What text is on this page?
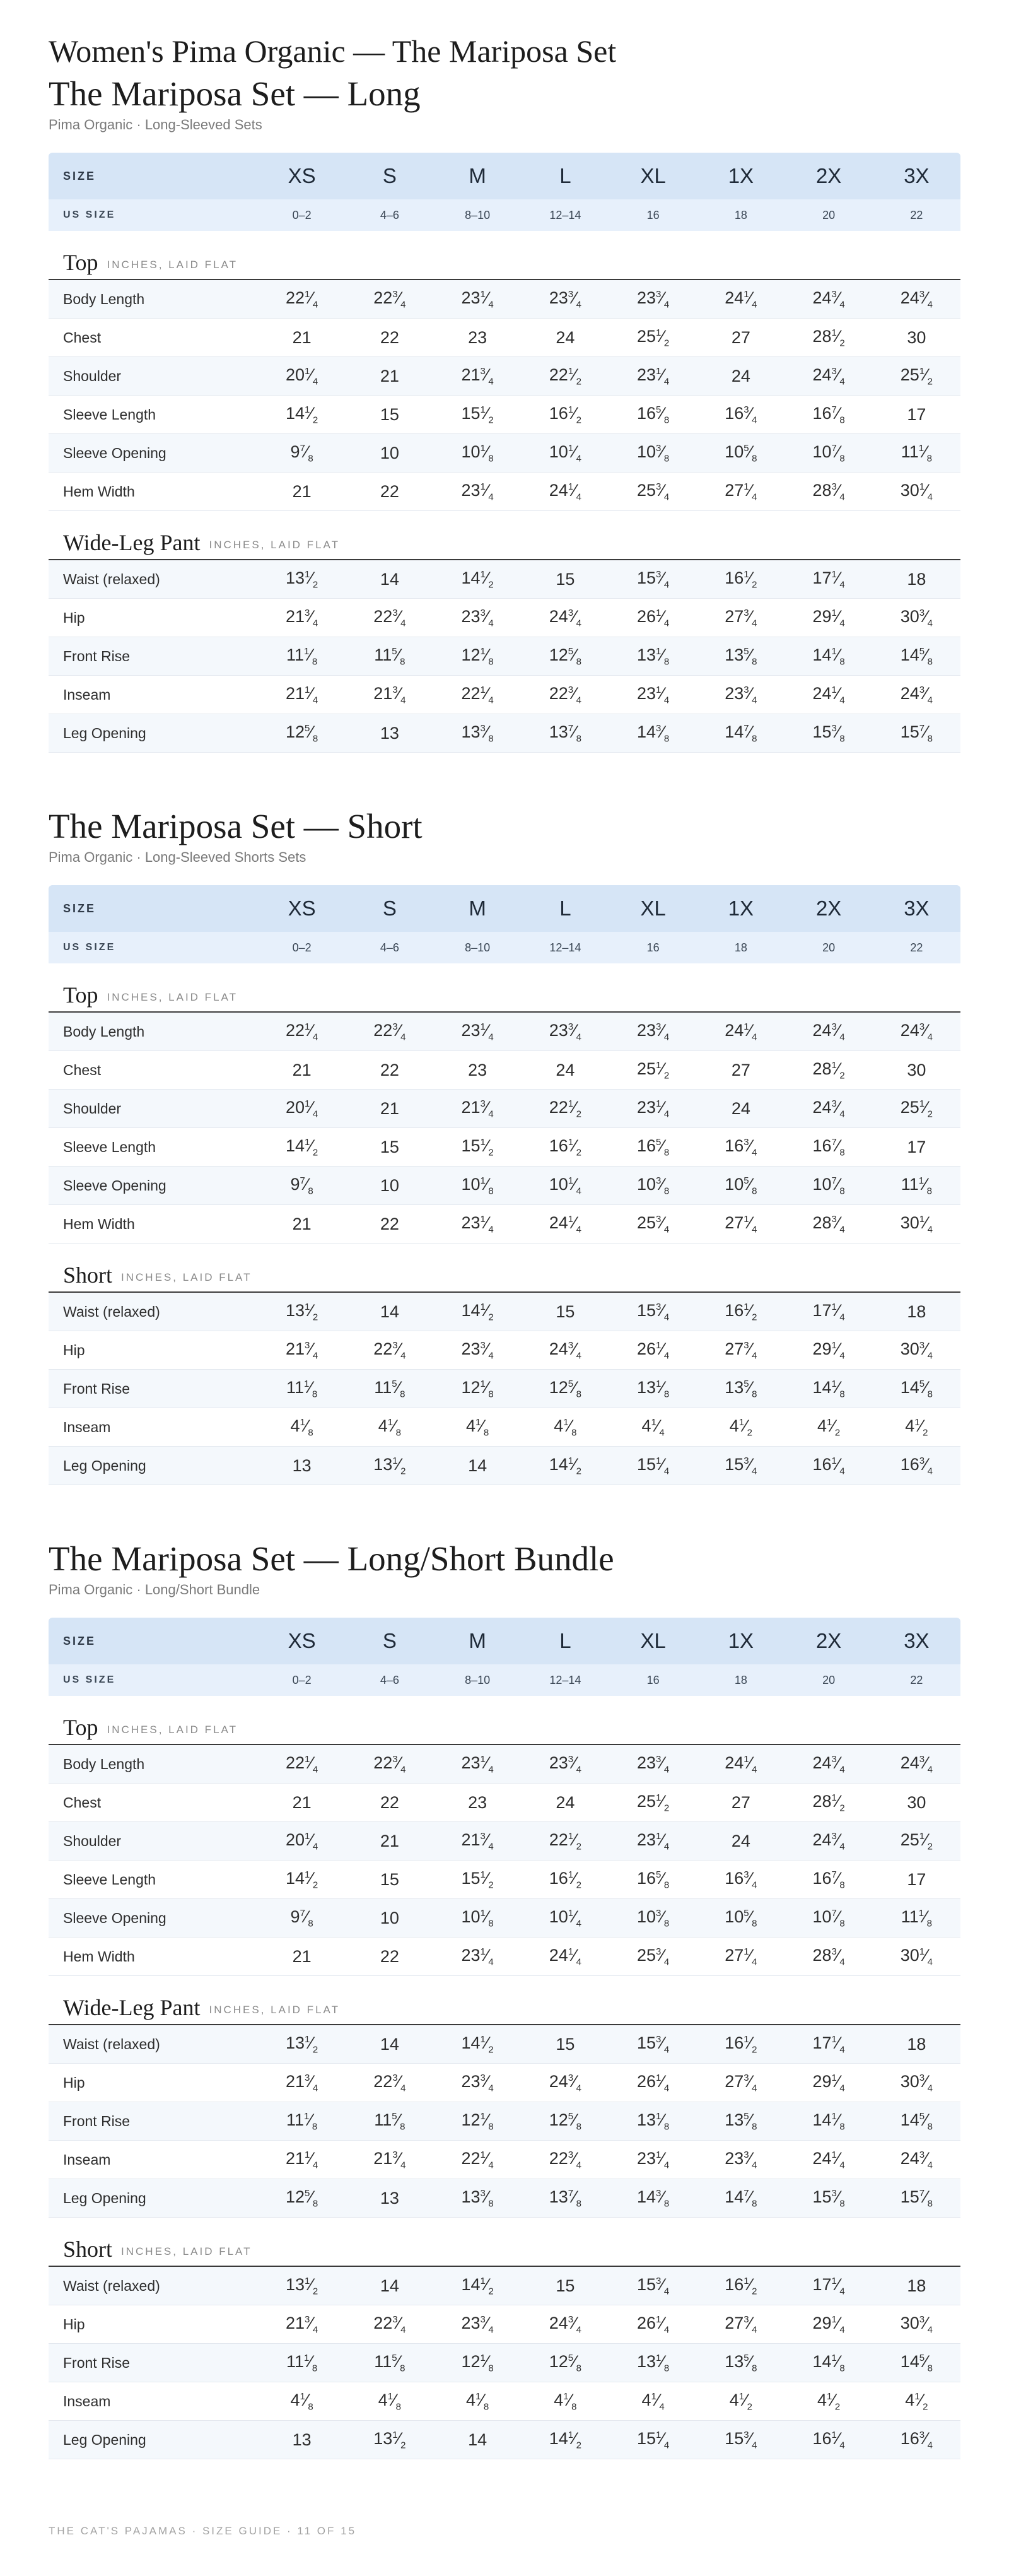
Women's Pima Organic — The Mariposa Set
The Mariposa Set — Long
Pima Organic · Long-Sleeved Sets
SIZE	XS	S	M	L	XL	1X	2X	3X
US SIZE	0–2	4–6	8–10	12–14	16	18	20	22
Top INCHES, LAID FLAT
Body Length	$22^1⁄_4$	$22^3⁄_4$	$23^1⁄_4$	$23^3⁄_4$	$23^3⁄_4$	$24^1⁄_4$	$24^3⁄_4$	$24^3⁄_4$
Chest	21	22	23	24	$25^1⁄_2$	27	$28^1⁄_2$	30
Shoulder	$20^1⁄_4$	21	$21^3⁄_4$	$22^1⁄_2$	$23^1⁄_4$	24	$24^3⁄_4$	$25^1⁄_2$
Sleeve Length	$14^1⁄_2$	15	$15^1⁄_2$	$16^1⁄_2$	$16^5⁄_8$	$16^3⁄_4$	$16^7⁄_8$	17
Sleeve Opening	$9^7⁄_8$	10	$10^1⁄_8$	$10^1⁄_4$	$10^3⁄_8$	$10^5⁄_8$	$10^7⁄_8$	$11^1⁄_8$
Hem Width	21	22	$23^1⁄_4$	$24^1⁄_4$	$25^3⁄_4$	$27^1⁄_4$	$28^3⁄_4$	$30^1⁄_4$
Wide-Leg Pant INCHES, LAID FLAT
Waist (relaxed)	$13^1⁄_2$	14	$14^1⁄_2$	15	$15^3⁄_4$	$16^1⁄_2$	$17^1⁄_4$	18
Hip	$21^3⁄_4$	$22^3⁄_4$	$23^3⁄_4$	$24^3⁄_4$	$26^1⁄_4$	$27^3⁄_4$	$29^1⁄_4$	$30^3⁄_4$
Front Rise	$11^1⁄_8$	$11^5⁄_8$	$12^1⁄_8$	$12^5⁄_8$	$13^1⁄_8$	$13^5⁄_8$	$14^1⁄_8$	$14^5⁄_8$
Inseam	$21^1⁄_4$	$21^3⁄_4$	$22^1⁄_4$	$22^3⁄_4$	$23^1⁄_4$	$23^3⁄_4$	$24^1⁄_4$	$24^3⁄_4$
Leg Opening	$12^5⁄_8$	13	$13^3⁄_8$	$13^7⁄_8$	$14^3⁄_8$	$14^7⁄_8$	$15^3⁄_8$	$15^7⁄_8$
The Mariposa Set — Short
Pima Organic · Long-Sleeved Shorts Sets
SIZE	XS	S	M	L	XL	1X	2X	3X
US SIZE	0–2	4–6	8–10	12–14	16	18	20	22
Top INCHES, LAID FLAT
Body Length	$22^1⁄_4$	$22^3⁄_4$	$23^1⁄_4$	$23^3⁄_4$	$23^3⁄_4$	$24^1⁄_4$	$24^3⁄_4$	$24^3⁄_4$
Chest	21	22	23	24	$25^1⁄_2$	27	$28^1⁄_2$	30
Shoulder	$20^1⁄_4$	21	$21^3⁄_4$	$22^1⁄_2$	$23^1⁄_4$	24	$24^3⁄_4$	$25^1⁄_2$
Sleeve Length	$14^1⁄_2$	15	$15^1⁄_2$	$16^1⁄_2$	$16^5⁄_8$	$16^3⁄_4$	$16^7⁄_8$	17
Sleeve Opening	$9^7⁄_8$	10	$10^1⁄_8$	$10^1⁄_4$	$10^3⁄_8$	$10^5⁄_8$	$10^7⁄_8$	$11^1⁄_8$
Hem Width	21	22	$23^1⁄_4$	$24^1⁄_4$	$25^3⁄_4$	$27^1⁄_4$	$28^3⁄_4$	$30^1⁄_4$
Short INCHES, LAID FLAT
Waist (relaxed)	$13^1⁄_2$	14	$14^1⁄_2$	15	$15^3⁄_4$	$16^1⁄_2$	$17^1⁄_4$	18
Hip	$21^3⁄_4$	$22^3⁄_4$	$23^3⁄_4$	$24^3⁄_4$	$26^1⁄_4$	$27^3⁄_4$	$29^1⁄_4$	$30^3⁄_4$
Front Rise	$11^1⁄_8$	$11^5⁄_8$	$12^1⁄_8$	$12^5⁄_8$	$13^1⁄_8$	$13^5⁄_8$	$14^1⁄_8$	$14^5⁄_8$
Inseam	$4^1⁄_8$	$4^1⁄_8$	$4^1⁄_8$	$4^1⁄_8$	$4^1⁄_4$	$4^1⁄_2$	$4^1⁄_2$	$4^1⁄_2$
Leg Opening	13	$13^1⁄_2$	14	$14^1⁄_2$	$15^1⁄_4$	$15^3⁄_4$	$16^1⁄_4$	$16^3⁄_4$
The Mariposa Set — Long/Short Bundle
Pima Organic · Long/Short Bundle
SIZE	XS	S	M	L	XL	1X	2X	3X
US SIZE	0–2	4–6	8–10	12–14	16	18	20	22
Top INCHES, LAID FLAT
Body Length	$22^1⁄_4$	$22^3⁄_4$	$23^1⁄_4$	$23^3⁄_4$	$23^3⁄_4$	$24^1⁄_4$	$24^3⁄_4$	$24^3⁄_4$
Chest	21	22	23	24	$25^1⁄_2$	27	$28^1⁄_2$	30
Shoulder	$20^1⁄_4$	21	$21^3⁄_4$	$22^1⁄_2$	$23^1⁄_4$	24	$24^3⁄_4$	$25^1⁄_2$
Sleeve Length	$14^1⁄_2$	15	$15^1⁄_2$	$16^1⁄_2$	$16^5⁄_8$	$16^3⁄_4$	$16^7⁄_8$	17
Sleeve Opening	$9^7⁄_8$	10	$10^1⁄_8$	$10^1⁄_4$	$10^3⁄_8$	$10^5⁄_8$	$10^7⁄_8$	$11^1⁄_8$
Hem Width	21	22	$23^1⁄_4$	$24^1⁄_4$	$25^3⁄_4$	$27^1⁄_4$	$28^3⁄_4$	$30^1⁄_4$
Wide-Leg Pant INCHES, LAID FLAT
Waist (relaxed)	$13^1⁄_2$	14	$14^1⁄_2$	15	$15^3⁄_4$	$16^1⁄_2$	$17^1⁄_4$	18
Hip	$21^3⁄_4$	$22^3⁄_4$	$23^3⁄_4$	$24^3⁄_4$	$26^1⁄_4$	$27^3⁄_4$	$29^1⁄_4$	$30^3⁄_4$
Front Rise	$11^1⁄_8$	$11^5⁄_8$	$12^1⁄_8$	$12^5⁄_8$	$13^1⁄_8$	$13^5⁄_8$	$14^1⁄_8$	$14^5⁄_8$
Inseam	$21^1⁄_4$	$21^3⁄_4$	$22^1⁄_4$	$22^3⁄_4$	$23^1⁄_4$	$23^3⁄_4$	$24^1⁄_4$	$24^3⁄_4$
Leg Opening	$12^5⁄_8$	13	$13^3⁄_8$	$13^7⁄_8$	$14^3⁄_8$	$14^7⁄_8$	$15^3⁄_8$	$15^7⁄_8$
Short INCHES, LAID FLAT
Waist (relaxed)	$13^1⁄_2$	14	$14^1⁄_2$	15	$15^3⁄_4$	$16^1⁄_2$	$17^1⁄_4$	18
Hip	$21^3⁄_4$	$22^3⁄_4$	$23^3⁄_4$	$24^3⁄_4$	$26^1⁄_4$	$27^3⁄_4$	$29^1⁄_4$	$30^3⁄_4$
Front Rise	$11^1⁄_8$	$11^5⁄_8$	$12^1⁄_8$	$12^5⁄_8$	$13^1⁄_8$	$13^5⁄_8$	$14^1⁄_8$	$14^5⁄_8$
Inseam	$4^1⁄_8$	$4^1⁄_8$	$4^1⁄_8$	$4^1⁄_8$	$4^1⁄_4$	$4^1⁄_2$	$4^1⁄_2$	$4^1⁄_2$
Leg Opening	13	$13^1⁄_2$	14	$14^1⁄_2$	$15^1⁄_4$	$15^3⁄_4$	$16^1⁄_4$	$16^3⁄_4$
THE CAT'S PAJAMAS · SIZE GUIDE · 11 OF 15
